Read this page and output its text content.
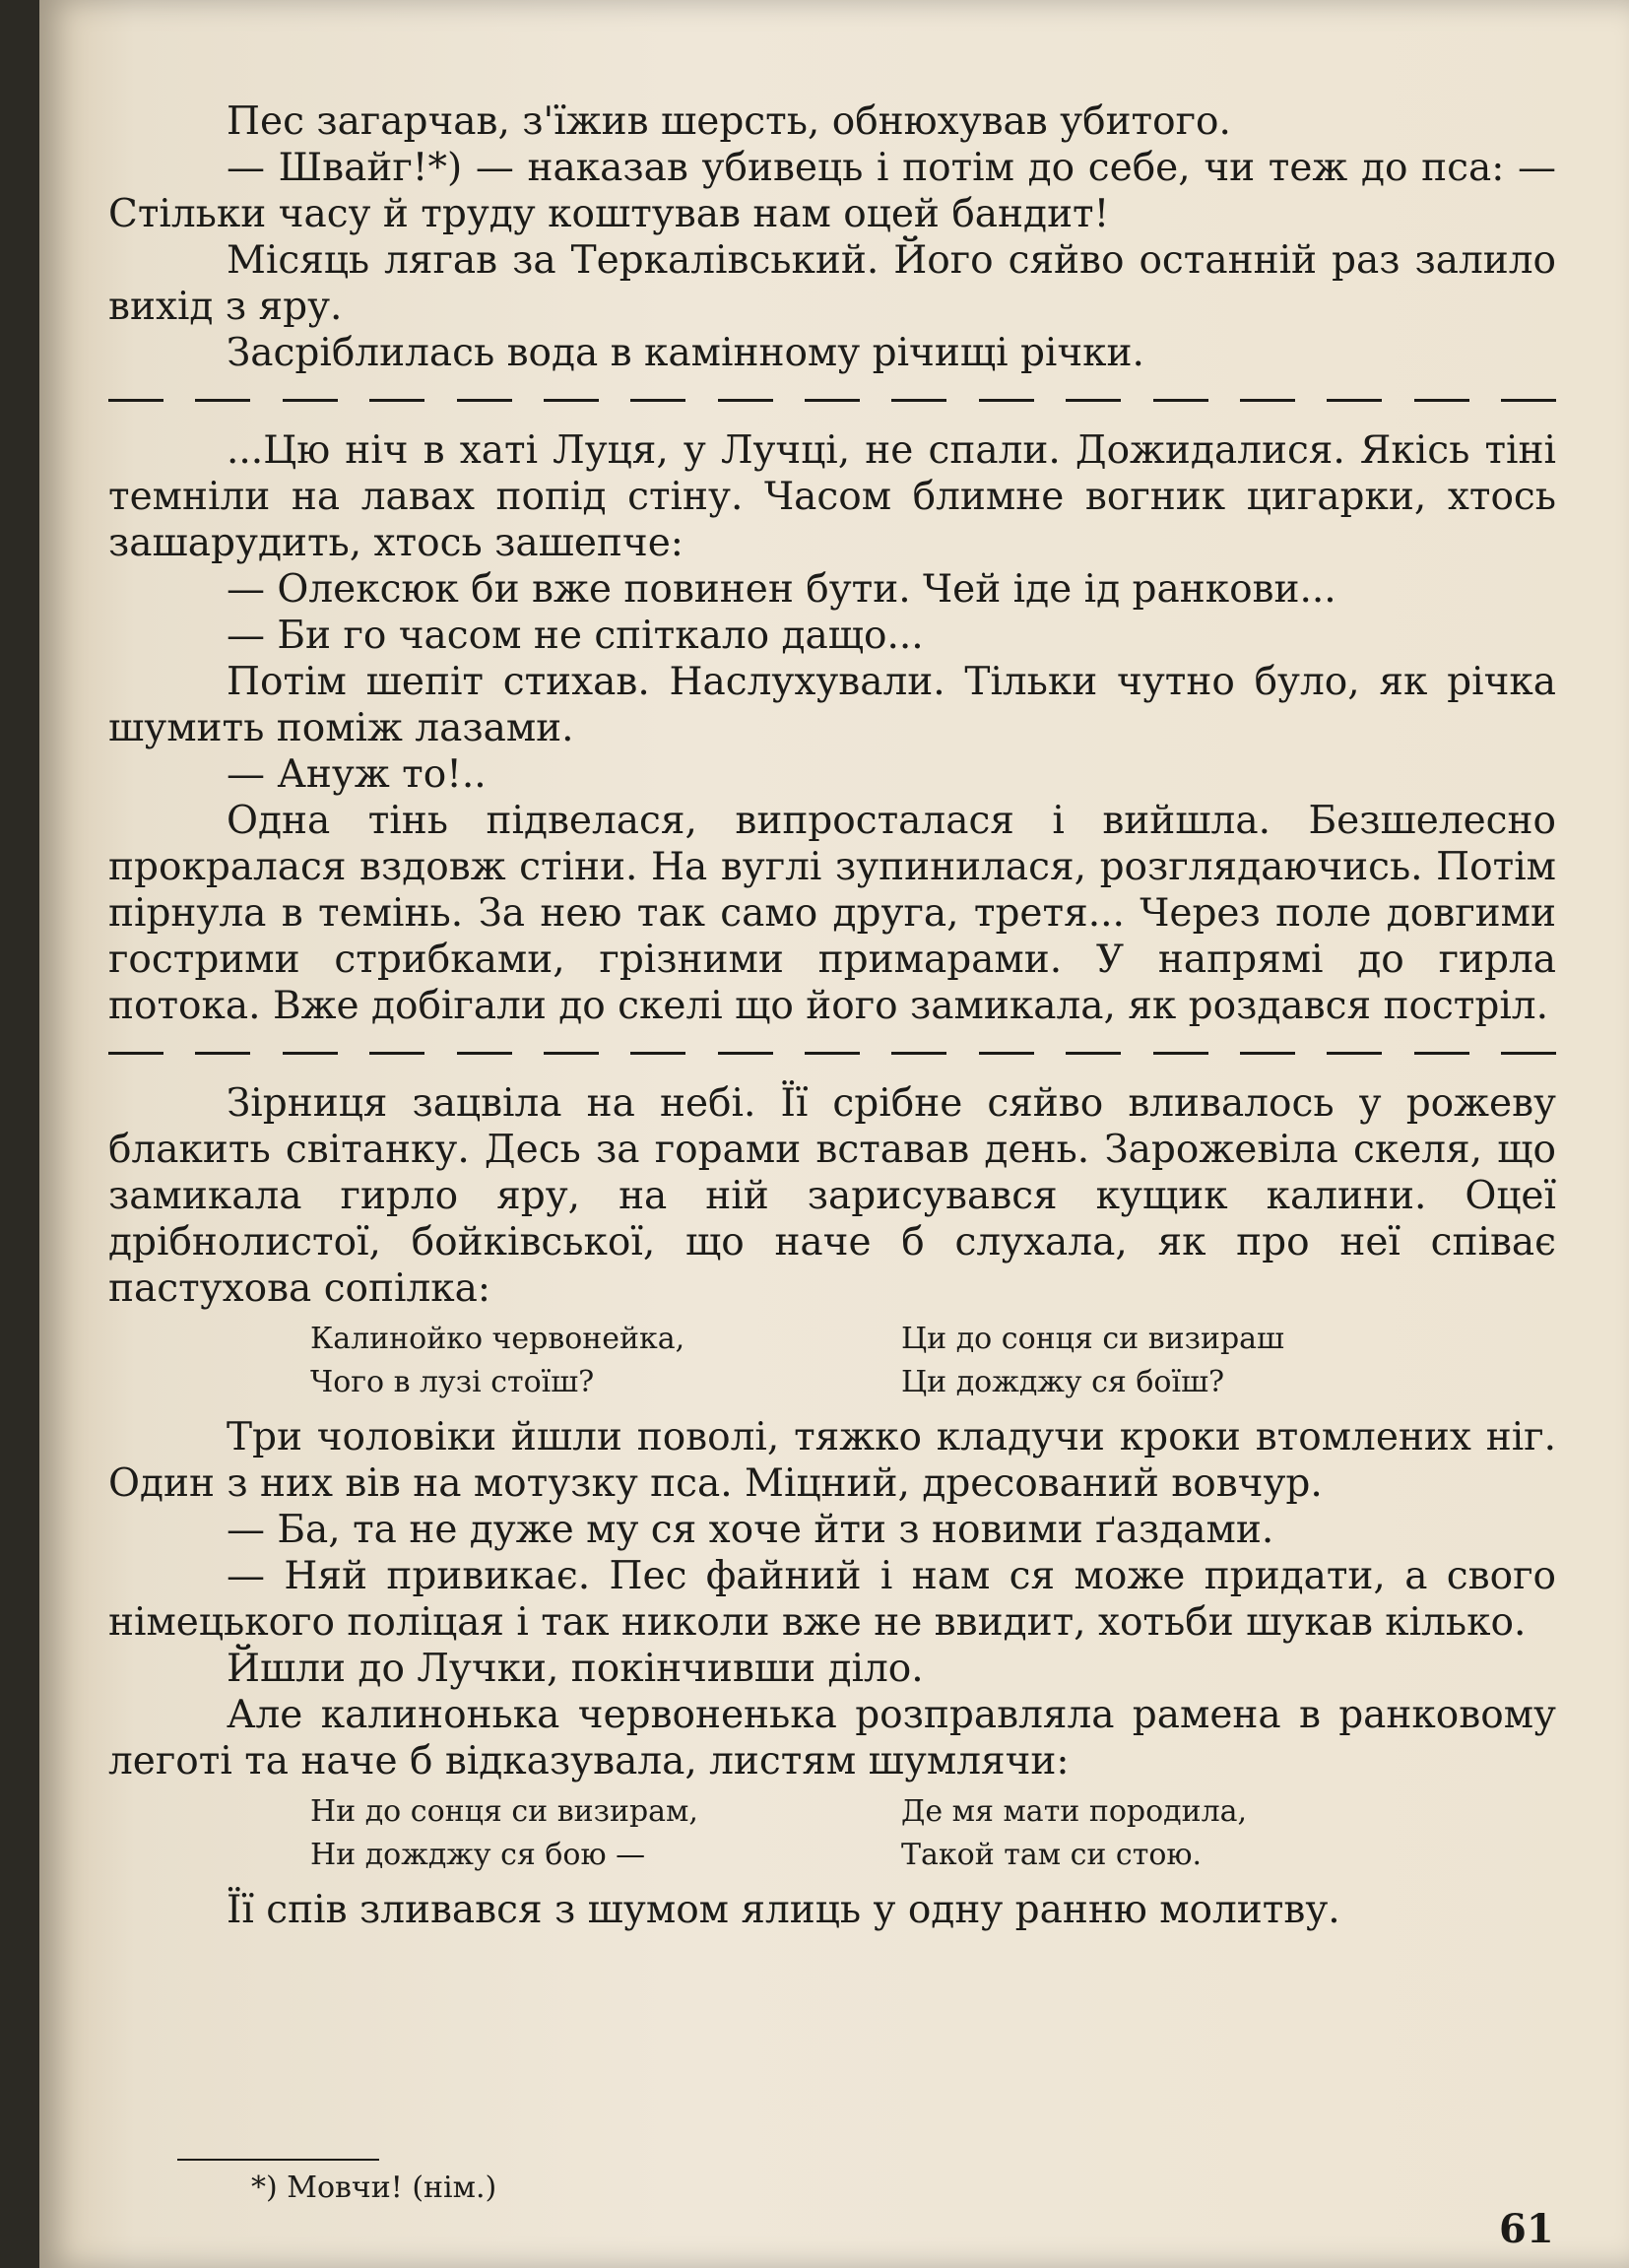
Пес загарчав, з'їжив шерсть, обнюхував убитого.

— Швайг!*) — наказав убивець і потім до себе, чи теж до пса: — Стільки часу й труду коштував нам оцей бандит!

Місяць лягав за Теркалівський. Його сяйво останній раз залило вихід з яру.

Засріблилась вода в камінному річищі річки.

...Цю ніч в хаті Луця, у Лучці, не спали. Дожидалися. Якісь тіні темніли на лавах попід стіну. Часом блимне вогник цигарки, хтось зашарудить, хтось зашепче:

— Олексюк би вже повинен бути. Чей іде ід ранкови...

— Би го часом не спіткало дащо...

Потім шепіт стихав. Наслухували. Тільки чутно було, як річка шумить поміж лазами.

— Ануж то!..

Одна тінь підвелася, випросталася і вийшла. Безшелесно прокралася вздовж стіни. На вуглі зупинилася, розглядаючись. Потім пірнула в темінь. За нею так само друга, третя... Через поле довгими гострими стрибками, грізними примарами. У напрямі до гирла потока. Вже добігали до скелі що його замикала, як роздався постріл.

Зірниця зацвіла на небі. Її срібне сяйво вливалось у рожеву блакить світанку. Десь за горами вставав день. Зарожевіла скеля, що замикала гирло яру, на ній зарисувався кущик калини. Оцеї дрібнолистої, бойківської, що наче б слухала, як про неї співає пастухова сопілка:

Калинойко червонейка,	Ци до сонця си визираш
Чого в лузі стоїш?	Ци дожджу ся боїш?

Три чоловіки йшли поволі, тяжко кладучи кроки втомлених ніг. Один з них вів на мотузку пса. Міцний, дресований вовчур.

— Ба, та не дуже му ся хоче йти з новими ґаздами.

— Няй привикає. Пес файний і нам ся може придати, а свого німецького поліцая і так николи вже не ввидит, хотьби шукав кілько.

Йшли до Лучки, покінчивши діло.

Але калинонька червоненька розправляла рамена в ранковому леготі та наче б відказувала, листям шумлячи:

Ни до сонця си визирам,	Де мя мати породила,
Ни дожджу ся бою —	Такой там си стою.

Її спів зливався з шумом ялиць у одну ранню молитву.

*) Мовчи! (нім.)
61
